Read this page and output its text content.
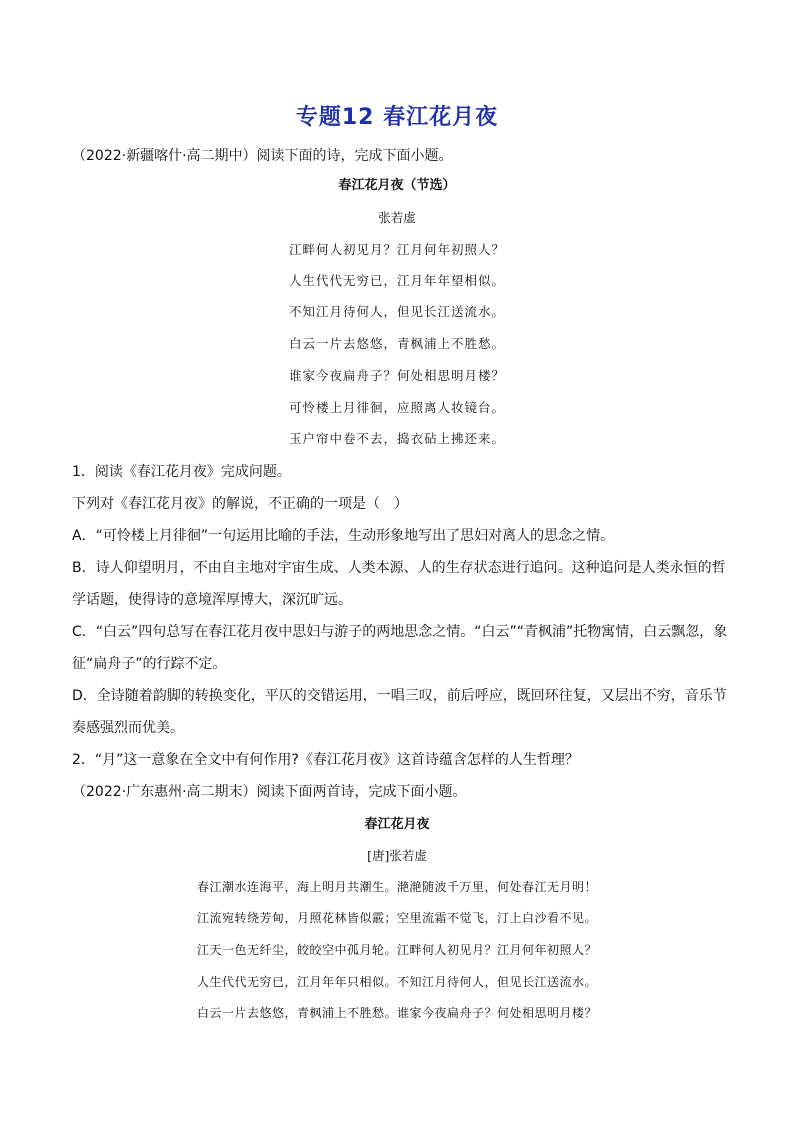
专题12 春江花月夜
（2022·新疆喀什·高二期中）阅读下面的诗，完成下面小题。
春江花月夜（节选）
张若虚
江畔何人初见月？江月何年初照人？
人生代代无穷已，江月年年望相似。
不知江月待何人，但见长江送流水。
白云一片去悠悠，青枫浦上不胜愁。
谁家今夜扁舟子？何处相思明月楼？
可怜楼上月徘徊，应照离人妆镜台。
玉户帘中卷不去，捣衣砧上拂还来。
1．阅读《春江花月夜》完成问题。
下列对《春江花月夜》的解说，不正确的一项是（　）
A．“可怜楼上月徘徊”一句运用比喻的手法，生动形象地写出了思妇对离人的思念之情。
B．诗人仰望明月，不由自主地对宇宙生成、人类本源、人的生存状态进行追问。这种追问是人类永恒的哲
学话题，使得诗的意境浑厚博大，深沉旷远。
C．“白云”四句总写在春江花月夜中思妇与游子的两地思念之情。“白云”“青枫浦”托物寓情，白云飘忽，象
征“扁舟子”的行踪不定。
D．全诗随着韵脚的转换变化，平仄的交错运用，一唱三叹，前后呼应，既回环往复，又层出不穷，音乐节
奏感强烈而优美。
2．“月”这一意象在全文中有何作用?《春江花月夜》这首诗蕴含怎样的人生哲理？
（2022·广东惠州·高二期末）阅读下面两首诗，完成下面小题。
春江花月夜
[唐]张若虚
春江潮水连海平，海上明月共潮生。滟滟随波千万里，何处春江无月明！
江流宛转绕芳甸，月照花林皆似霰；空里流霜不觉飞，汀上白沙看不见。
江天一色无纤尘，皎皎空中孤月轮。江畔何人初见月？江月何年初照人？
人生代代无穷已，江月年年只相似。不知江月待何人，但见长江送流水。
白云一片去悠悠，青枫浦上不胜愁。谁家今夜扁舟子？何处相思明月楼？
